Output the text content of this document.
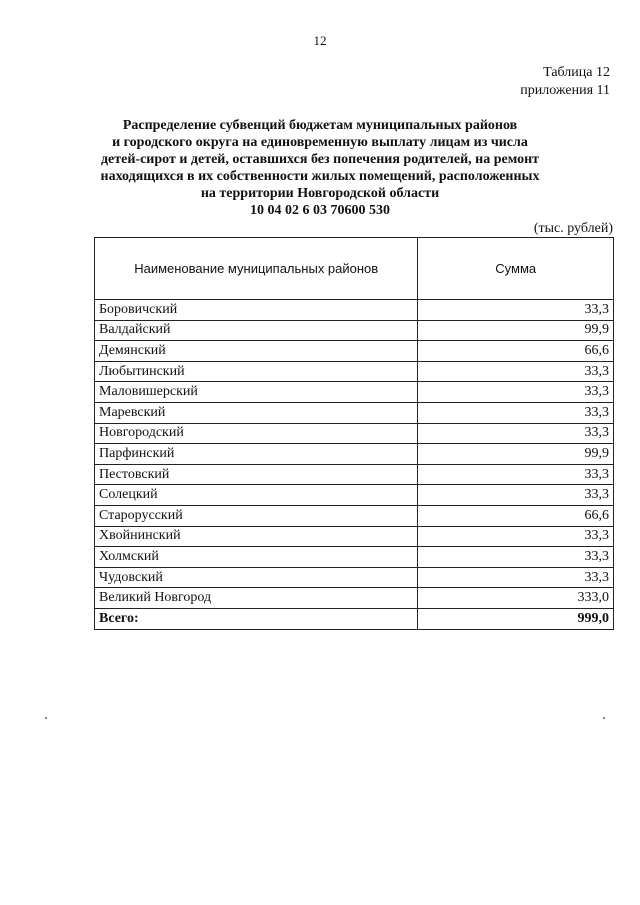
12
Таблица 12
приложения 11
Распределение субвенций бюджетам муниципальных районов
и городского округа на единовременную выплату лицам из числа
детей-сирот и детей, оставшихся без попечения родителей, на ремонт
находящихся в их собственности жилых помещений, расположенных
на территории Новгородской области
10 04 02 6 03 70600 530
(тыс. рублей)
Наименование муниципальных районов	Сумма
Боровичский	33,3
Валдайский	99,9
Демянский	66,6
Любытинский	33,3
Маловишерский	33,3
Маревский	33,3
Новгородский	33,3
Парфинский	99,9
Пестовский	33,3
Солецкий	33,3
Старорусский	66,6
Хвойнинский	33,3
Холмский	33,3
Чудовский	33,3
Великий Новгород	333,0
Всего:	999,0
